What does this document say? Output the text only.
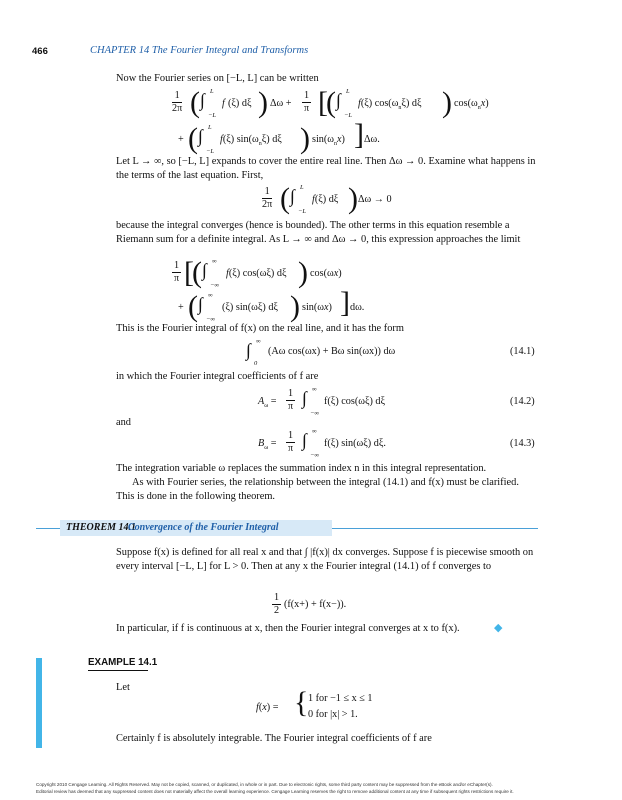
466	CHAPTER 14 The Fourier Integral and Transforms
Now the Fourier series on [−L, L] can be written
$\frac{1}{2\pi}$ ( ∫ L
−L
f (ξ) dξ ) $\Delta\omega + \frac{1}{\pi}$ [
( ∫ L
−L
f(ξ) $\cos(\omega_n\xi)$ dξ ) $\cos(\omega_nx)$
+ ( ∫ L
−L
f(ξ) $\sin(\omega_n\xi)$ dξ ) $\sin(\omega_nx)$ ] Δω.
Let L → ∞, so [−L, L] expands to cover the entire real line. Then Δω → 0. Examine what happens in the terms of the last equation. First,
$\frac{1}{2\pi}$ ( ∫ L
−L
f(ξ) dξ ) Δω → 0
because the integral converges (hence is bounded). The other terms in this equation resemble a Riemann sum for a definite integral. As L → ∞ and Δω → 0, this expression approaches the limit
$\frac{1}{\pi}$ [
( ∫ ∞
−∞
f(ξ) cos(ωξ) dξ ) cos(ωx)
+ ( ∫ ∞
−∞
(ξ) sin(ωξ) dξ ) sin(ωx) ] dω.
This is the Fourier integral of f(x) on the real line, and it has the form
∫ ∞
0
(Aω cos(ωx) + Bω sin(ωx)) dω	(14.1)
in which the Fourier integral coefficients of f are
$A_\omega = \frac{1}{\pi}$ ∫ ∞
−∞
f(ξ) cos(ωξ) dξ	(14.2)
and
$B_\omega = \frac{1}{\pi}$ ∫ ∞
−∞
f(ξ) sin(ωξ) dξ.	(14.3)
The integration variable ω replaces the summation index n in this integral representation.
As with Fourier series, the relationship between the integral (14.1) and f(x) must be clarified. This is done in the following theorem.
THEOREM 14.1
Convergence of the Fourier Integral
Suppose f(x) is defined for all real x and that ∫ |f(x)| dx converges. Suppose f is piecewise smooth on every interval [−L, L] for L > 0. Then at any x the Fourier integral (14.1) of f converges to
$\frac{1}{2} (f(x+) + f(x-))$.
In particular, if f is continuous at x, then the Fourier integral converges at x to f(x).	◆
EXAMPLE 14.1
Let
f(x) = { 1 for −1 ≤ x ≤ 1
0 for |x| > 1.
Certainly f is absolutely integrable. The Fourier integral coefficients of f are
Copyright 2010 Cengage Learning. All Rights Reserved. May not be copied, scanned, or duplicated, in whole or in part. Due to electronic rights, some third party content may be suppressed from the eBook and/or eChapter(s).
Editorial review has deemed that any suppressed content does not materially affect the overall learning experience. Cengage Learning reserves the right to remove additional content at any time if subsequent rights restrictions require it.
